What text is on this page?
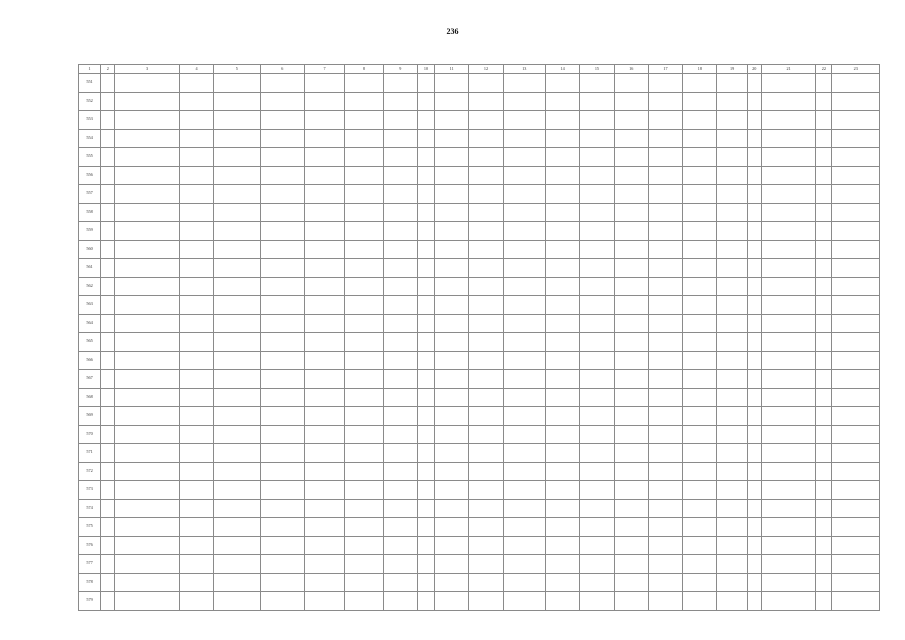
236
1	2	3	4	5	6	7	8	9	10	11	12	13	14	15	16	17	18	19	20	21	22	23
551																						
552																						
553																						
554																						
555																						
556																						
557																						
558																						
559																						
560																						
561																						
562																						
563																						
564																						
565																						
566																						
567																						
568																						
569																						
570																						
571																						
572																						
573																						
574																						
575																						
576																						
577																						
578																						
579																						
